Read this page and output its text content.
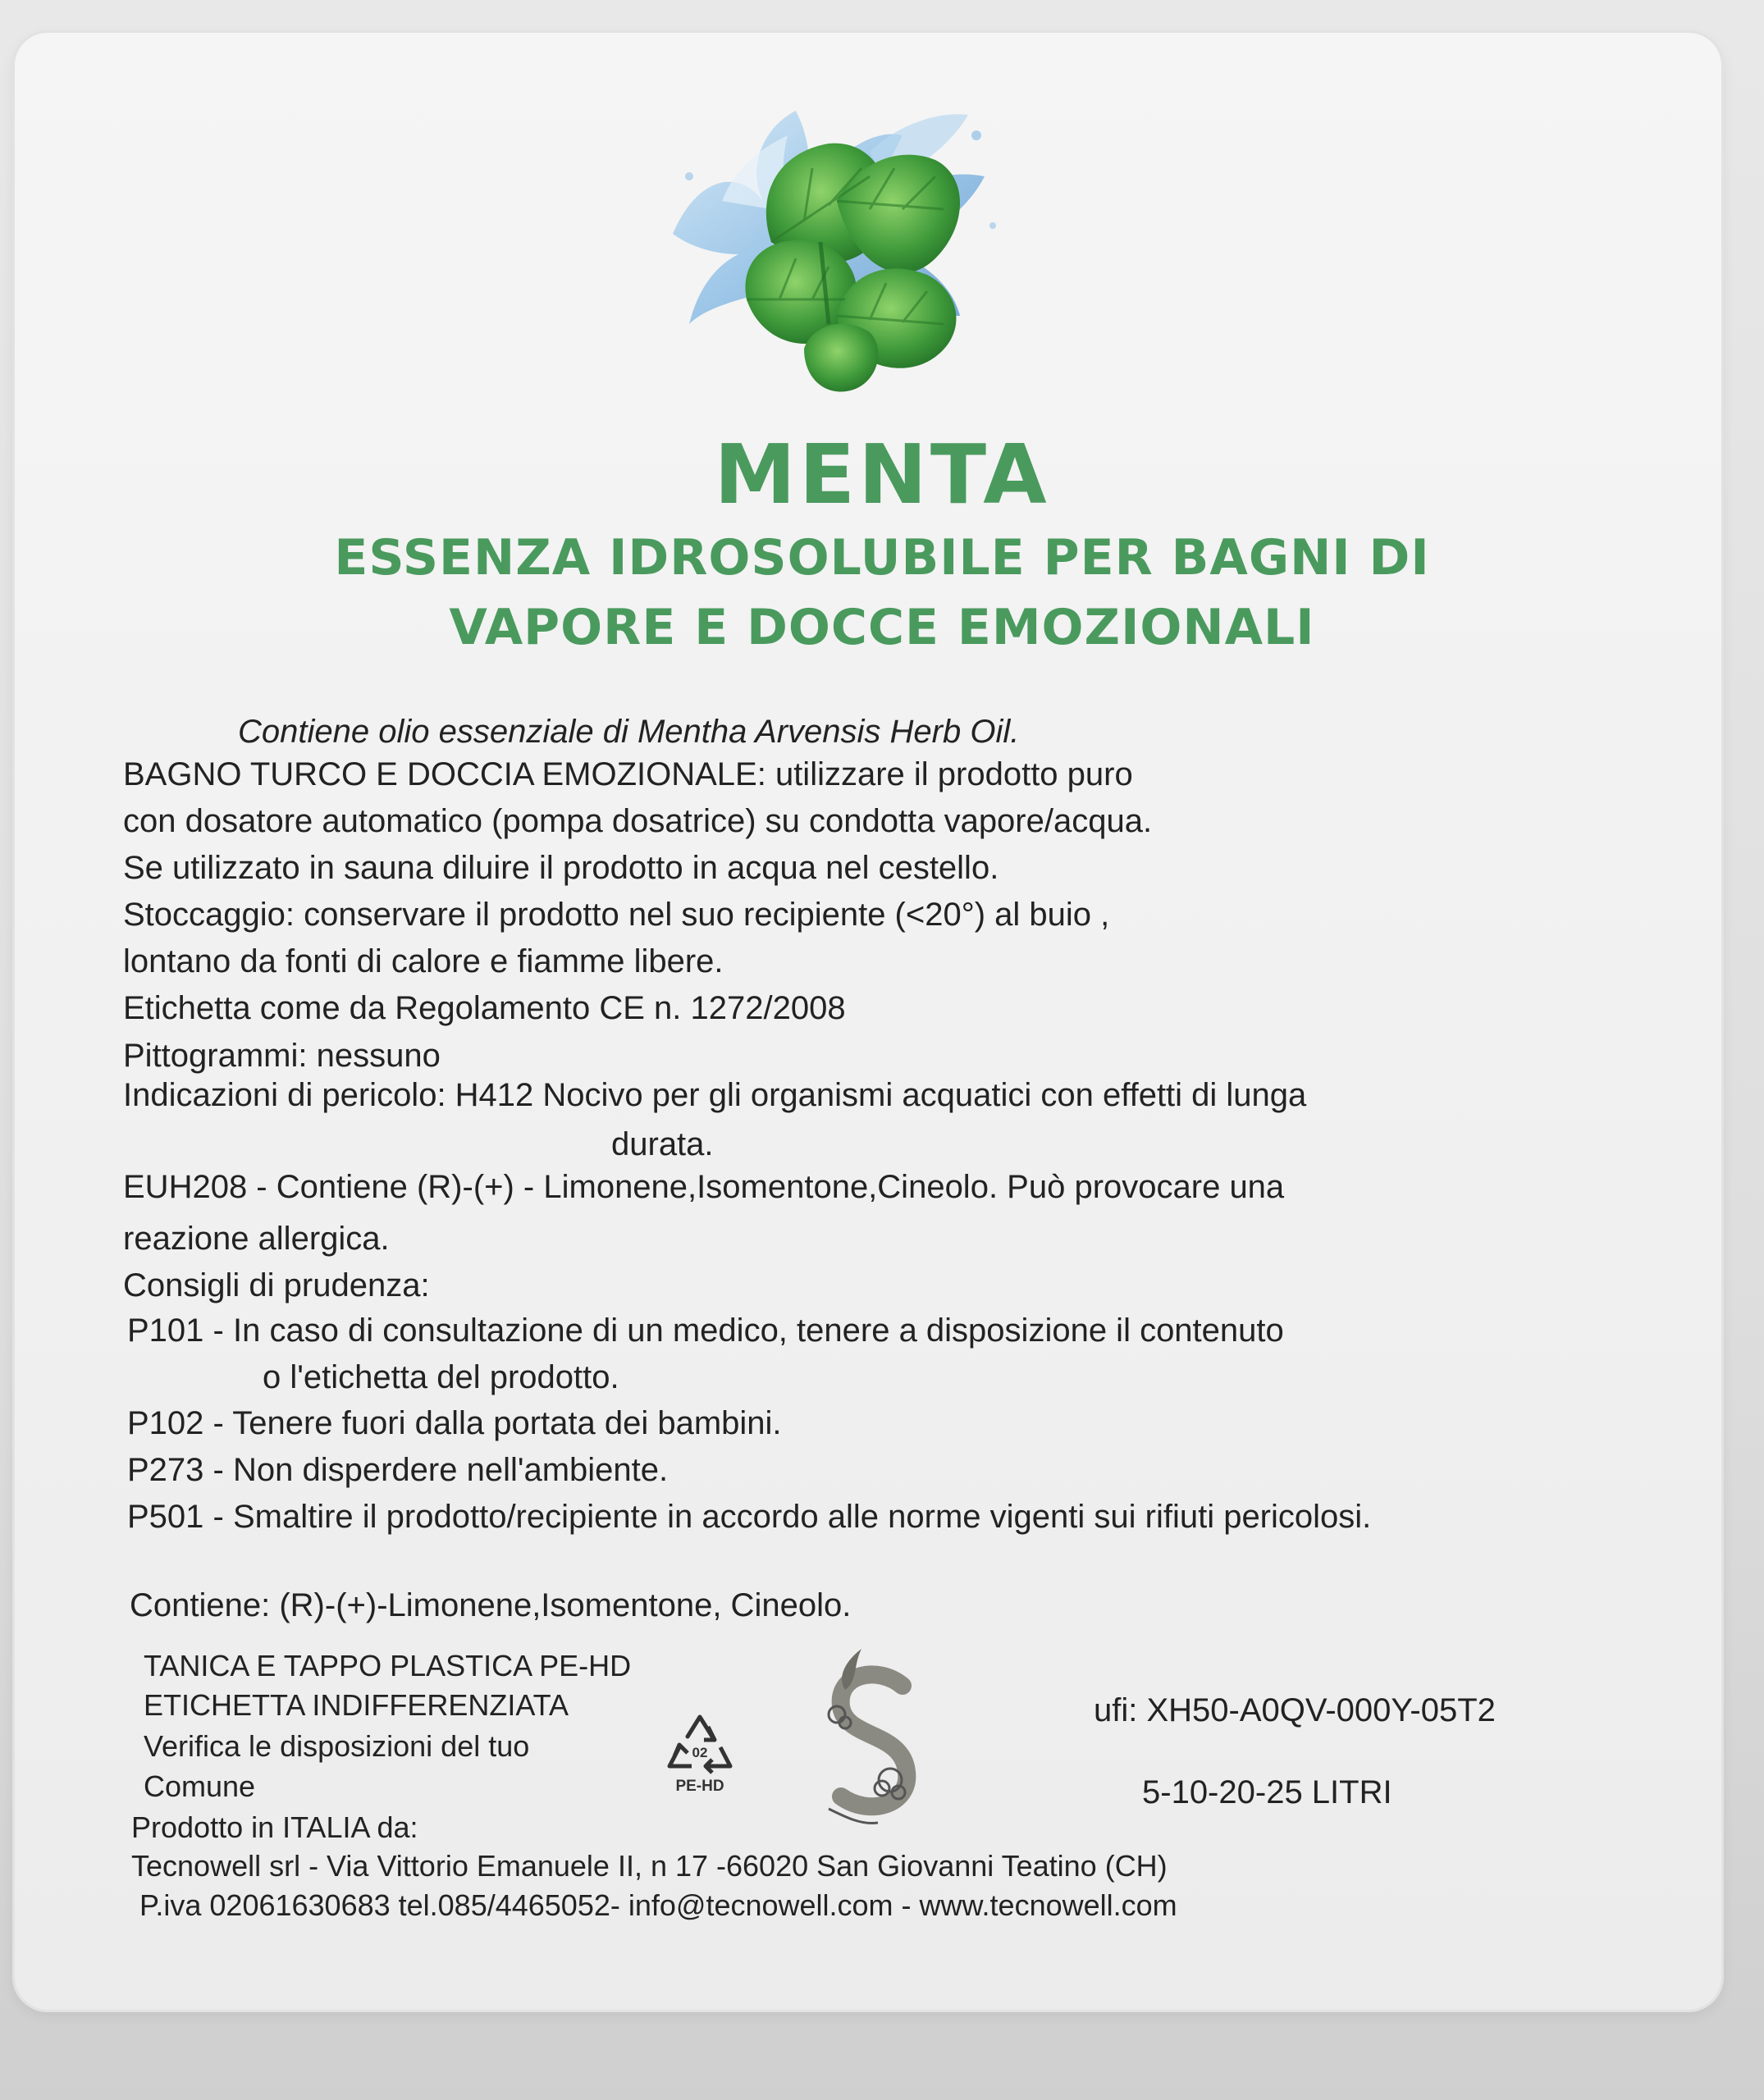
MENTA
ESSENZA IDROSOLUBILE PER BAGNI DI
VAPORE E DOCCE EMOZIONALI
Contiene olio essenziale di Mentha Arvensis Herb Oil.
BAGNO TURCO E DOCCIA EMOZIONALE: utilizzare il prodotto puro
con dosatore automatico (pompa dosatrice) su condotta vapore/acqua.
Se utilizzato in sauna diluire il prodotto in acqua nel cestello.
Stoccaggio: conservare il prodotto nel suo recipiente (<20°) al buio ,
lontano da fonti di calore e fiamme libere.
Etichetta come da Regolamento CE n. 1272/2008
Pittogrammi: nessuno
Indicazioni di pericolo: H412 Nocivo per gli organismi acquatici con effetti di lunga
durata.
EUH208 - Contiene (R)-(+) - Limonene,Isomentone,Cineolo. Può provocare una
reazione allergica.
Consigli di prudenza:
P101 - In caso di consultazione di un medico, tenere a disposizione il contenuto
o l'etichetta del prodotto.
P102 - Tenere fuori dalla portata dei bambini.
P273 - Non disperdere nell'ambiente.
P501 - Smaltire il prodotto/recipiente in accordo alle norme vigenti sui rifiuti pericolosi.
Contiene: (R)-(+)-Limonene,Isomentone, Cineolo.
TANICA E TAPPO PLASTICA PE-HD
ETICHETTA INDIFFERENZIATA
Verifica le disposizioni del tuo
Comune
02
PE-HD
ufi: XH50-A0QV-000Y-05T2
5-10-20-25 LITRI
Prodotto in ITALIA da:
Tecnowell srl - Via Vittorio Emanuele II, n 17 -66020 San Giovanni Teatino (CH)
P.iva 02061630683 tel.085/4465052- info@tecnowell.com - www.tecnowell.com
